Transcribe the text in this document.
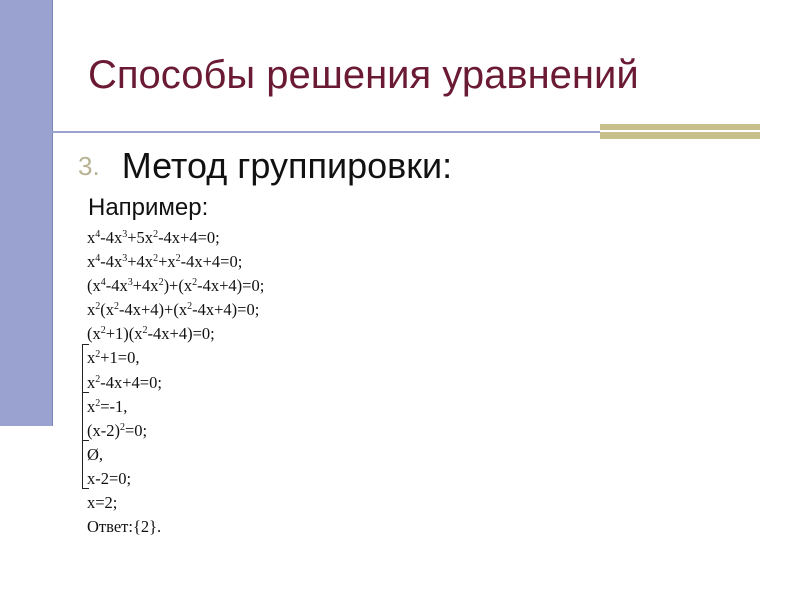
Способы решения уравнений
3. Метод группировки:
Например:
$x^4-4x^3+5x^2-4x+4=0$;
$x^4-4x^3+4x^2+x^2-4x+4=0$;
$(x^4-4x^3+4x^2)+(x^2-4x+4)=0$;
$x^2(x^2-4x+4)+(x^2-4x+4)=0$;
$(x^2+1)(x^2-4x+4)=0$;
$x^2+1=0$,
$x^2-4x+4=0$;
$x^2=-1$,
$(x-2)^2=0$;
Ø,
x-2=0;
x=2;
Ответ:{2}.
